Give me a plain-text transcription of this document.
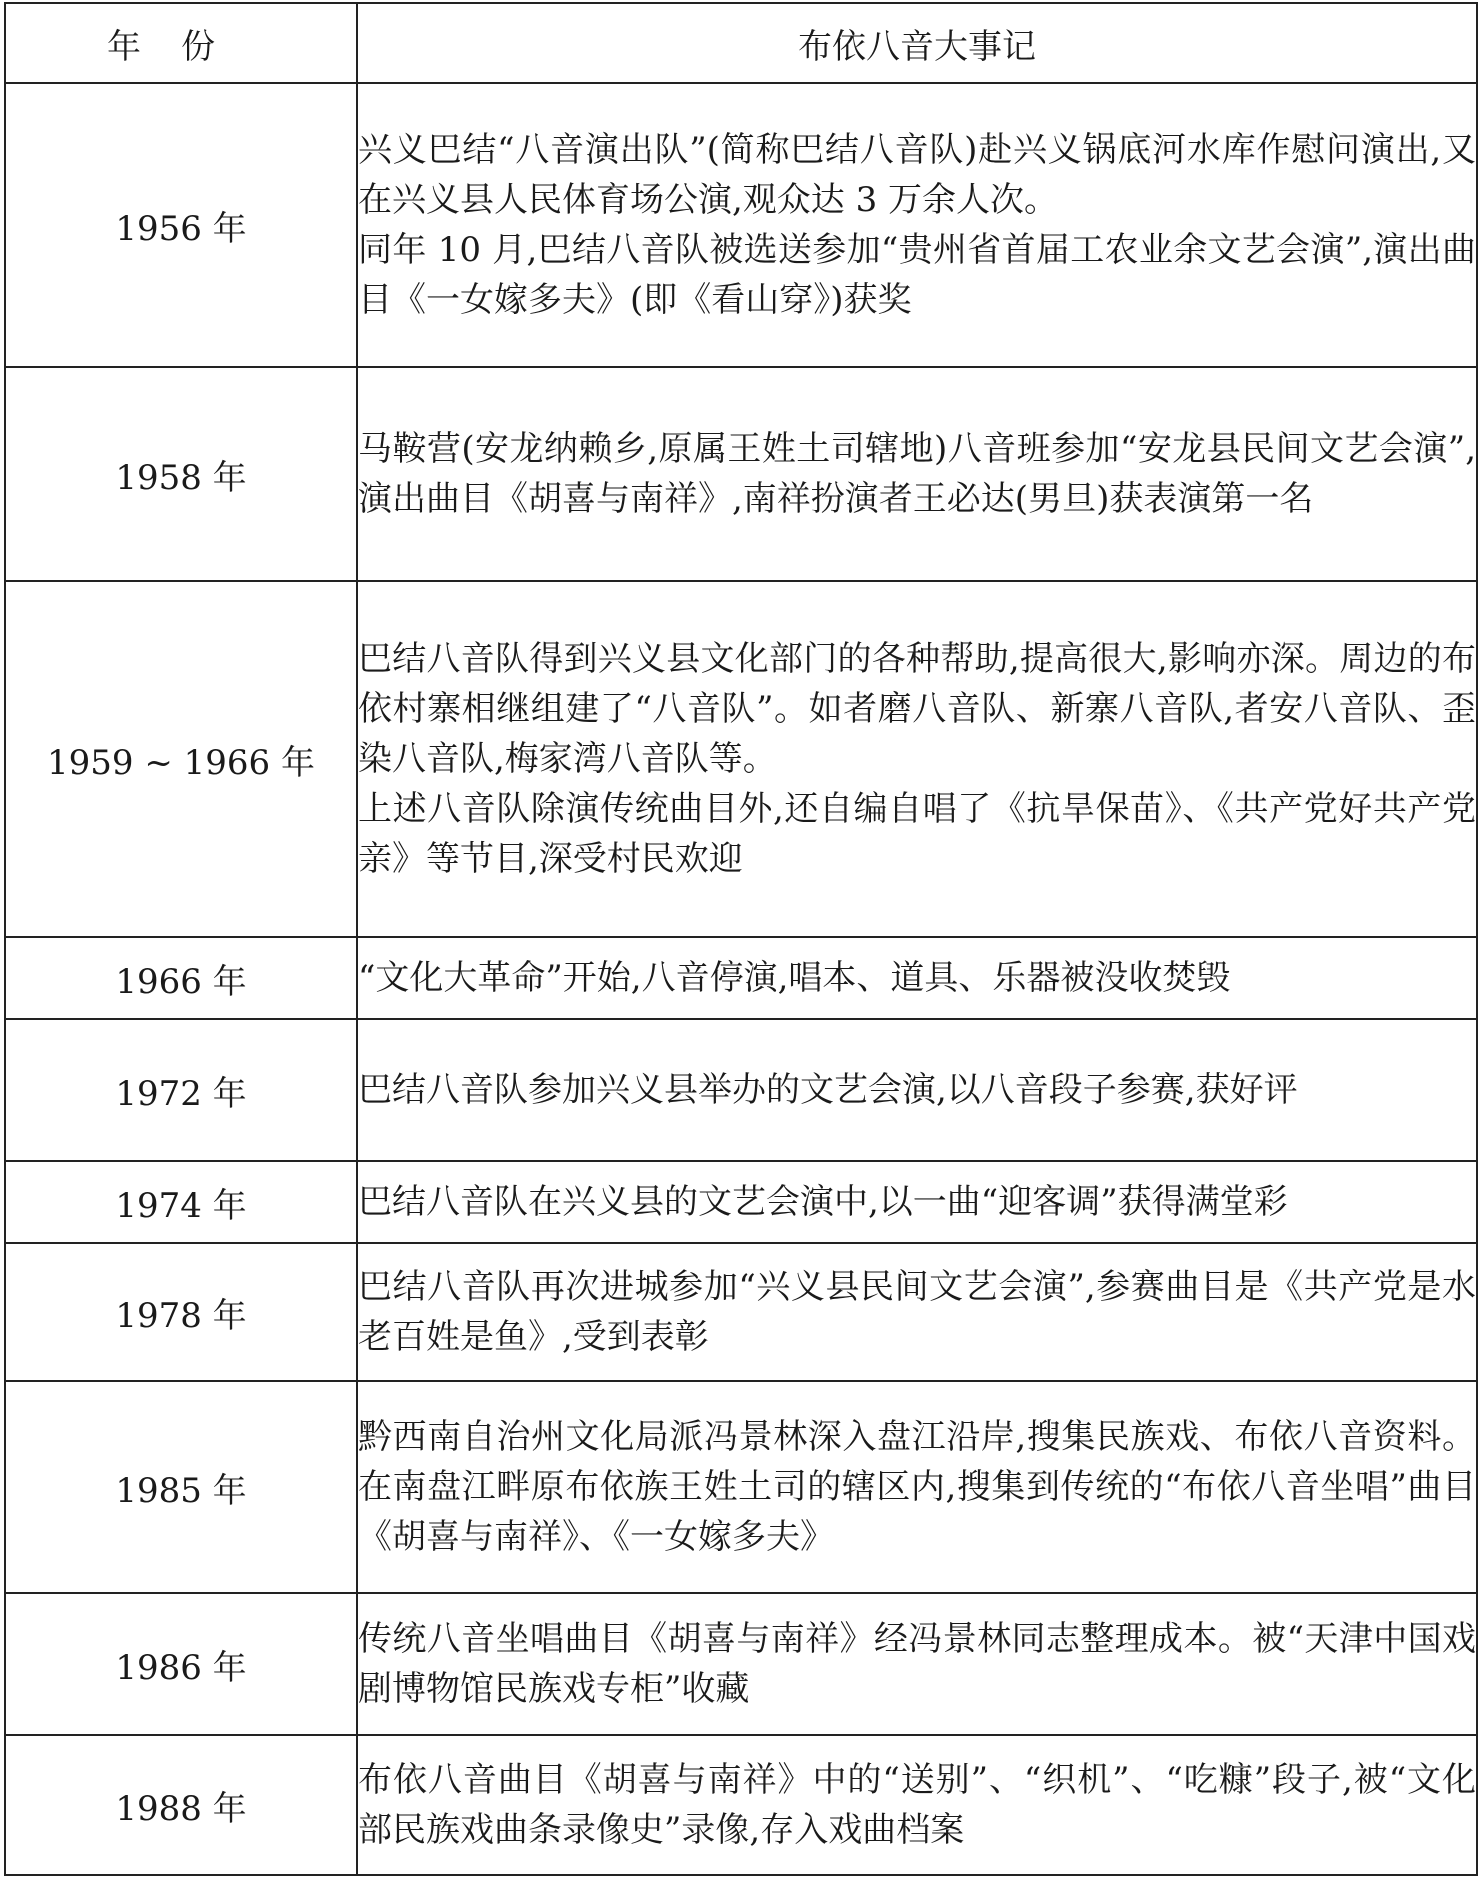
年份	布依八音大事记
1956 年	兴义巴结“八音演出队”(简称巴结八音队)赴兴义锅底河水库作慰问演出,又在兴义县人民体育场公演,观众达 3 万余人次。

同年 10 月,巴结八音队被选送参加“贵州省首届工农业余文艺会演”,演出曲目《一女嫁多夫》(即《看山穿》)获奖

1958 年	马鞍营(安龙纳赖乡,原属王姓土司辖地)八音班参加“安龙县民间文艺会演”,演出曲目《胡喜与南祥》,南祥扮演者王必达(男旦)获表演第一名

1959 ~ 1966 年	巴结八音队得到兴义县文化部门的各种帮助,提高很大,影响亦深。周边的布依村寨相继组建了“八音队”。如者磨八音队、新寨八音队,者安八音队、歪染八音队,梅家湾八音队等。

上述八音队除演传统曲目外,还自编自唱了《抗旱保苗》、《共产党好共产党亲》等节目,深受村民欢迎

1966 年	“文化大革命”开始,八音停演,唱本、道具、乐器被没收焚毁

1972 年	巴结八音队参加兴义县举办的文艺会演,以八音段子参赛,获好评

1974 年	巴结八音队在兴义县的文艺会演中,以一曲“迎客调”获得满堂彩

1978 年	巴结八音队再次进城参加“兴义县民间文艺会演”,参赛曲目是《共产党是水老百姓是鱼》,受到表彰

1985 年	黔西南自治州文化局派冯景林深入盘江沿岸,搜集民族戏、布依八音资料。在南盘江畔原布依族王姓土司的辖区内,搜集到传统的“布依八音坐唱”曲目《胡喜与南祥》、《一女嫁多夫》

1986 年	传统八音坐唱曲目《胡喜与南祥》经冯景林同志整理成本。被“天津中国戏剧博物馆民族戏专柜”收藏

1988 年	布依八音曲目《胡喜与南祥》中的“送别”、“织机”、“吃糠”段子,被“文化部民族戏曲条录像史”录像,存入戏曲档案
